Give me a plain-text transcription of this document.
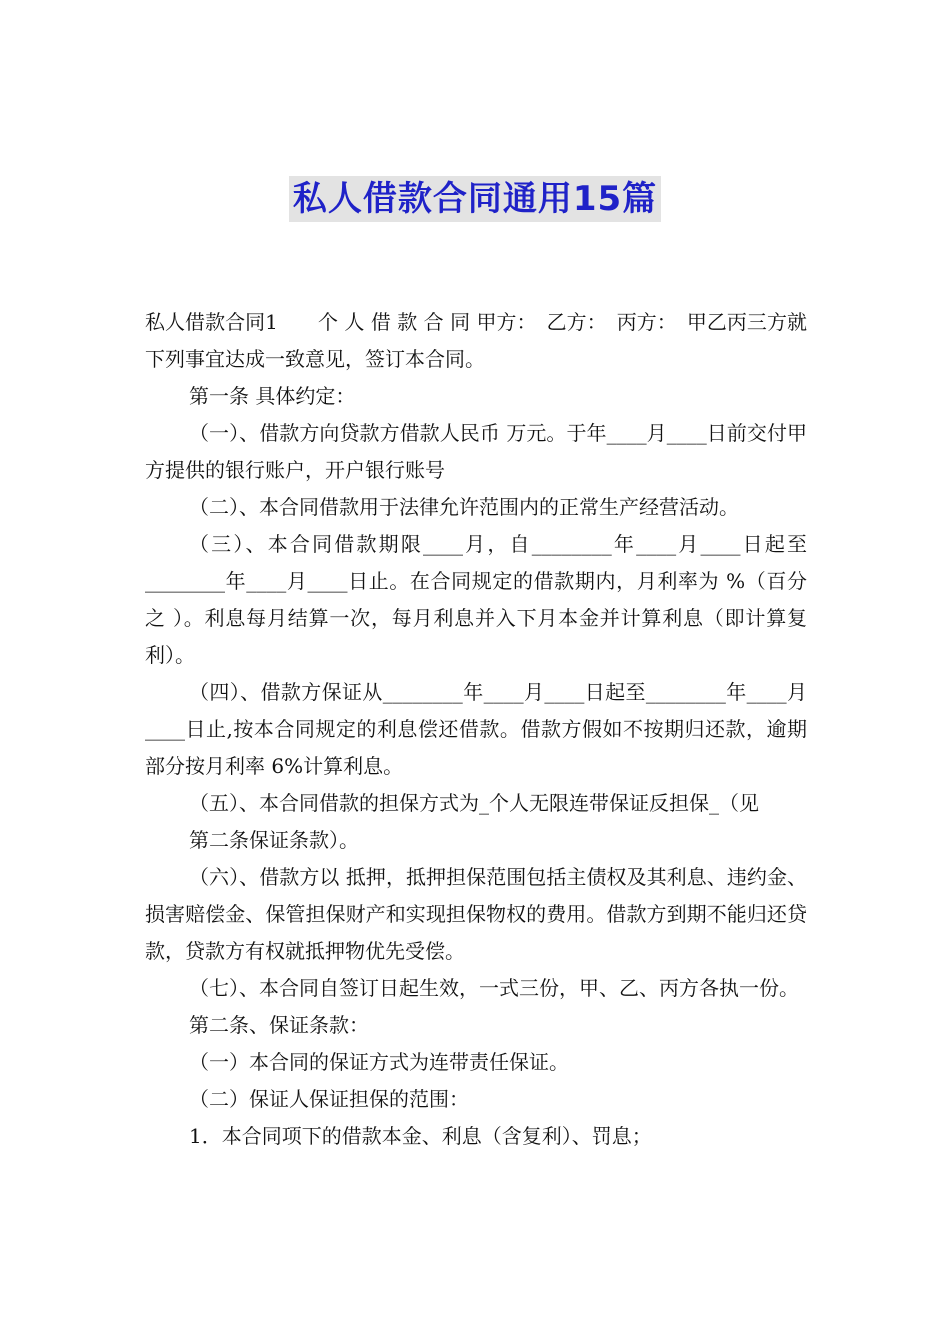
私人借款合同通用15篇

私人借款合同1　　个 人 借 款 合 同 甲方：　乙方：　丙方：　甲乙丙三方就下列事宜达成一致意见，签订本合同。

第一条 具体约定：

（一）、借款方向贷款方借款人民币 万元。于年____月____日前交付甲方提供的银行账户，开户银行账号

（二）、本合同借款用于法律允许范围内的正常生产经营活动。

（三）、本合同借款期限____月，自________年____月____日起至________年____月____日止。在合同规定的借款期内，月利率为 %（百分之 ）。利息每月结算一次，每月利息并入下月本金并计算利息（即计算复利）。

（四）、借款方保证从________年____月____日起至________年____月____日止,按本合同规定的利息偿还借款。借款方假如不按期归还款，逾期部分按月利率 6%计算利息。

（五）、本合同借款的担保方式为_个人无限连带保证反担保_（见

第二条保证条款）。

（六）、借款方以 抵押，抵押担保范围包括主债权及其利息、违约金、损害赔偿金、保管担保财产和实现担保物权的费用。借款方到期不能归还贷款，贷款方有权就抵押物优先受偿。

（七）、本合同自签订日起生效，一式三份，甲、乙、丙方各执一份。

第二条、保证条款：

（一）本合同的保证方式为连带责任保证。

（二）保证人保证担保的范围：

1．本合同项下的借款本金、利息（含复利）、罚息；
